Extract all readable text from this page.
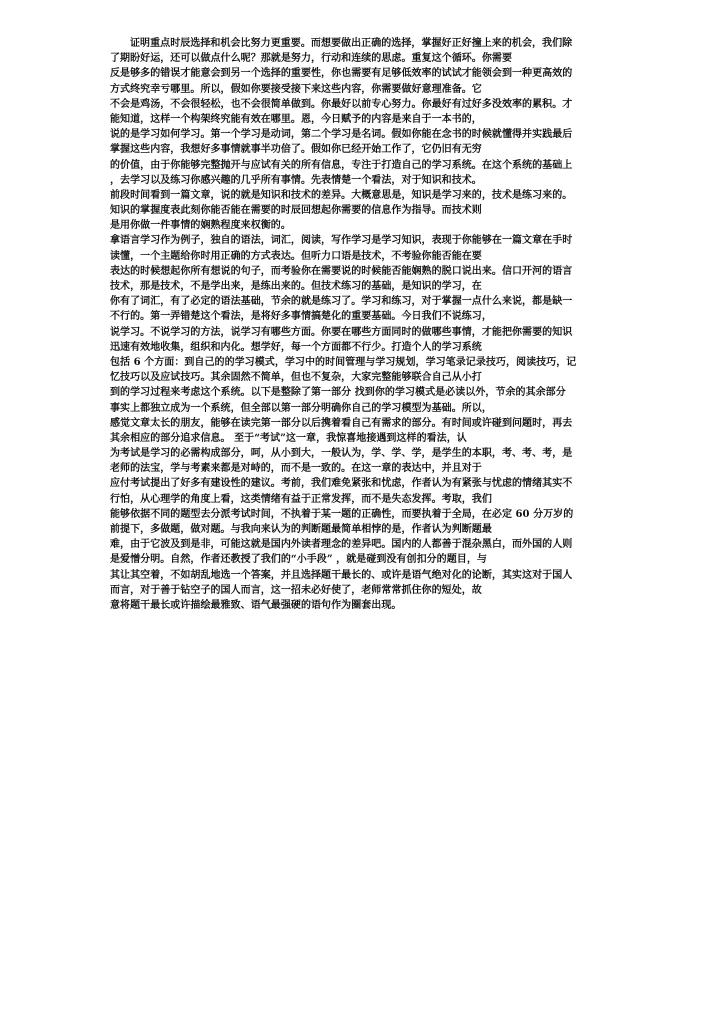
证明重点时辰选择和机会比努力更重要。而想要做出正确的选择，掌握好正好撞上来的机会，我们除
了期盼好运，还可以做点什么呢？那就是努力，行动和连续的思虑。重复这个循环。你需要
反是够多的错误才能意会到另一个选择的重要性，你也需要有足够低效率的试试才能领会到一种更高效的
方式终究幸亏哪里。所以，假如你要接受接下来这些内容，你需要做好意理准备。它
不会是鸡汤，不会很轻松，也不会很简单做到。你最好以前专心努力。你最好有过好多没效率的累积。才
能知道，这样一个构架终究能有效在哪里。恩，今日赋予的内容是来自于一本书的，
说的是学习如何学习。第一个学习是动词，第二个学习是名词。假如你能在念书的时候就懂得并实践最后
掌握这些内容，我想好多事情就事半功倍了。假如你已经开始工作了，它仍旧有无穷
的价值，由于你能够完整抛开与应试有关的所有信息，专注于打造自己的学习系统。在这个系统的基础上
，去学习以及练习你感兴趣的几乎所有事情。先表情楚一个看法，对于知识和技术。
前段时间看到一篇文章，说的就是知识和技术的差异。大概意思是，知识是学习来的，技术是练习来的。
知识的掌握度表此刻你能否能在需要的时辰回想起你需要的信息作为指导。而技术则
是用你做一件事情的娴熟程度来权衡的。
拿语言学习作为例子，独自的语法，词汇，阅读，写作学习是学习知识，表现于你能够在一篇文章在手时
读懂，一个主题给你时用正确的方式表达。但听力口语是技术，不考验你能否能在要
表达的时候想起你所有想说的句子，而考验你在需要说的时候能否能娴熟的脱口说出来。信口开河的语言
技术，那是技术，不是学出来，是练出来的。但技术练习的基础，是知识的学习，在
你有了词汇，有了必定的语法基础，节余的就是练习了。学习和练习，对于掌握一点什么来说，都是缺一
不行的。第一弄错楚这个看法，是将好多事情搞楚化的重要基础。今日我们不说练习，
说学习。不说学习的方法，说学习有哪些方面。你要在哪些方面同时的做哪些事情，才能把你需要的知识
迅速有效地收集，组织和内化。想学好，每一个方面都不行少。打造个人的学习系统
包括 6 个方面：到自己的的学习模式，学习中的时间管理与学习规划，学习笔录记录技巧，阅读技巧，记
忆技巧以及应试技巧。其余固然不简单，但也不复杂，大家完整能够联合自己从小打
到的学习过程来考虑这个系统。以下是整除了第一部分 找到你的学习模式是必读以外，节余的其余部分
事实上都独立成为一个系统，但全部以第一部分明确你自己的学习模型为基础。所以，
感觉文章太长的朋友，能够在读完第一部分以后携着看自己有需求的部分。有时间或许碰到问题时，再去
其余相应的部分追求信息。 至于“考试”这一章，我惊喜地接遇到这样的看法，认
为考试是学习的必需构成部分，呵，从小到大，一般认为，学、学、学，是学生的本职，考、考、考，是
老师的法宝，学与考素来都是对峙的，而不是一致的。在这一章的表达中，并且对于
应付考试提出了好多有建设性的建议。考前，我们难免紧张和忧虑，作者认为有紧张与忧虑的情绪其实不
行怕，从心理学的角度上看，这类情绪有益于正常发挥，而不是失态发挥。考取，我们
能够依据不同的题型去分派考试时间，不执着于某一题的正确性，而要执着于全局，在必定 60 分万岁的
前提下，多做题，做对题。与我向来认为的判断题最简单相悖的是，作者认为判断题最
难，由于它波及到是非，可能这就是国内外读者理念的差异吧。国内的人都善于混杂黑白，而外国的人则
是爱憎分明。自然，作者还教授了我们的“小手段” ，就是碰到没有创扣分的题目，与
其让其空着，不如胡乱地选一个答案，并且选择题干最长的、或许是语气绝对化的论断，其实这对于国人
而言，对于善于钻空子的国人而言，这一招未必好使了，老师常常抓住你的短处，故
意将题干最长或许描绘最雅致、语气最强硬的语句作为圈套出现。
